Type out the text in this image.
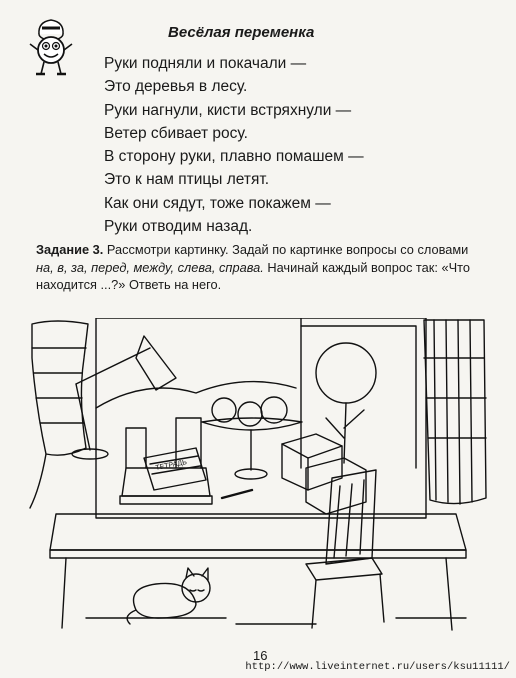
Весёлая переменка
Руки подняли и покачали —
Это деревья в лесу.
Руки нагнули, кисти встряхнули —
Ветер сбивает росу.
В сторону руки, плавно помашем —
Это к нам птицы летят.
Как они сядут, тоже покажем —
Руки отводим назад.
Задание 3. Рассмотри картинку. Задай по картинке вопросы со словами на, в, за, перед, между, слева, справа. Начинай каждый вопрос так: «Что находится ...?» Ответь на него.
ТЕТРАДЬ
16
http://www.liveinternet.ru/users/ksu11111/
